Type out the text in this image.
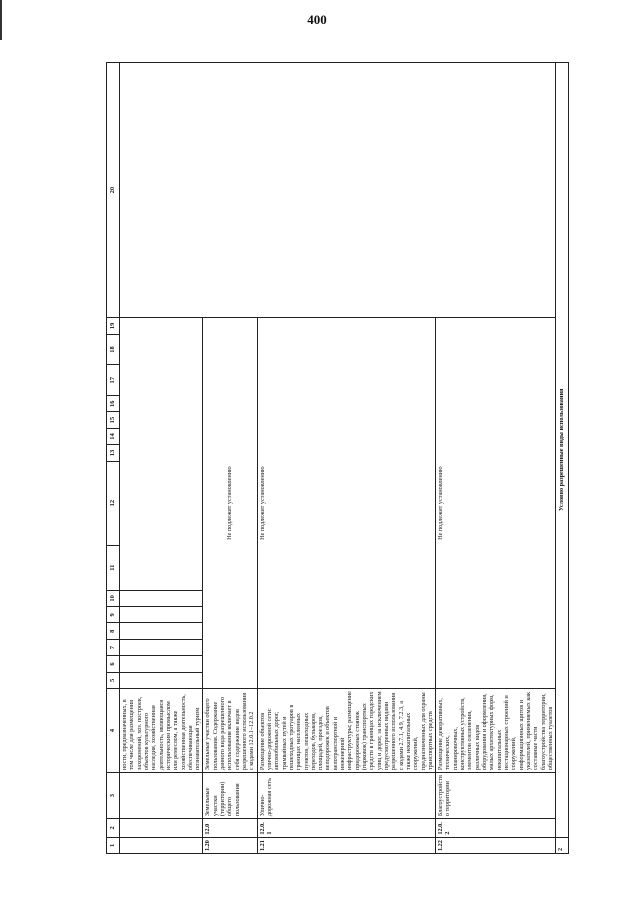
400
1	2	3	4	5	6	7	8	9	10	11	12	13	14	15	16	17	18	19	20
			ности, предназначенных, в том числе для размещения захоронений, хоз. построек, объектов культурного наследия, хозяйственная деятельность, являющаяся историческим промыслом или ремеслом, а также хозяйственная деятельность, обеспечивающая познавательный туризм																
1.20	12.0	Земельные участки (территории) общего пользования	Земельные участки общего пользования. Содержание данного вида разрешенного использования включает в себя содержание видов разрешенного использования с кодами 12.0.1–12.0.2	Не подлежит установлению															
1.21	12.0.1	Улично-дорожная сеть	Размещение объектов улично-дорожной сети: автомобильных дорог, трамвайных путей и пешеходных тротуаров в границах населенных пунктов, пешеходных переходов, бульваров, площадей, проездов, велодорожек и объектов велотранспортной и инженерной инфраструктуры; размещение придорожных стоянок (парковок) транспортных средств в границах городских улиц и дорог, за исключением предусмотренных видами разрешенного использования с кодами 2.7.1, 4.9, 7.2.3, а также некапитальных сооружений, предназначенных для охраны транспортных средств	Не подлежит установлению															
1.22	12.0.2	Благоустройство территории	Размещение декоративных, технических, планировочных, конструктивных устройств, элементов озеленения, различных видов оборудования и оформления, малых архитектурных форм, некапитальных нестационарных строений и сооружений, информационных щитов и указателей, применяемых как составные части благоустройства территории, общественных туалетов	Не подлежит установлению															
2	Условно разрешенные виды использования																		
